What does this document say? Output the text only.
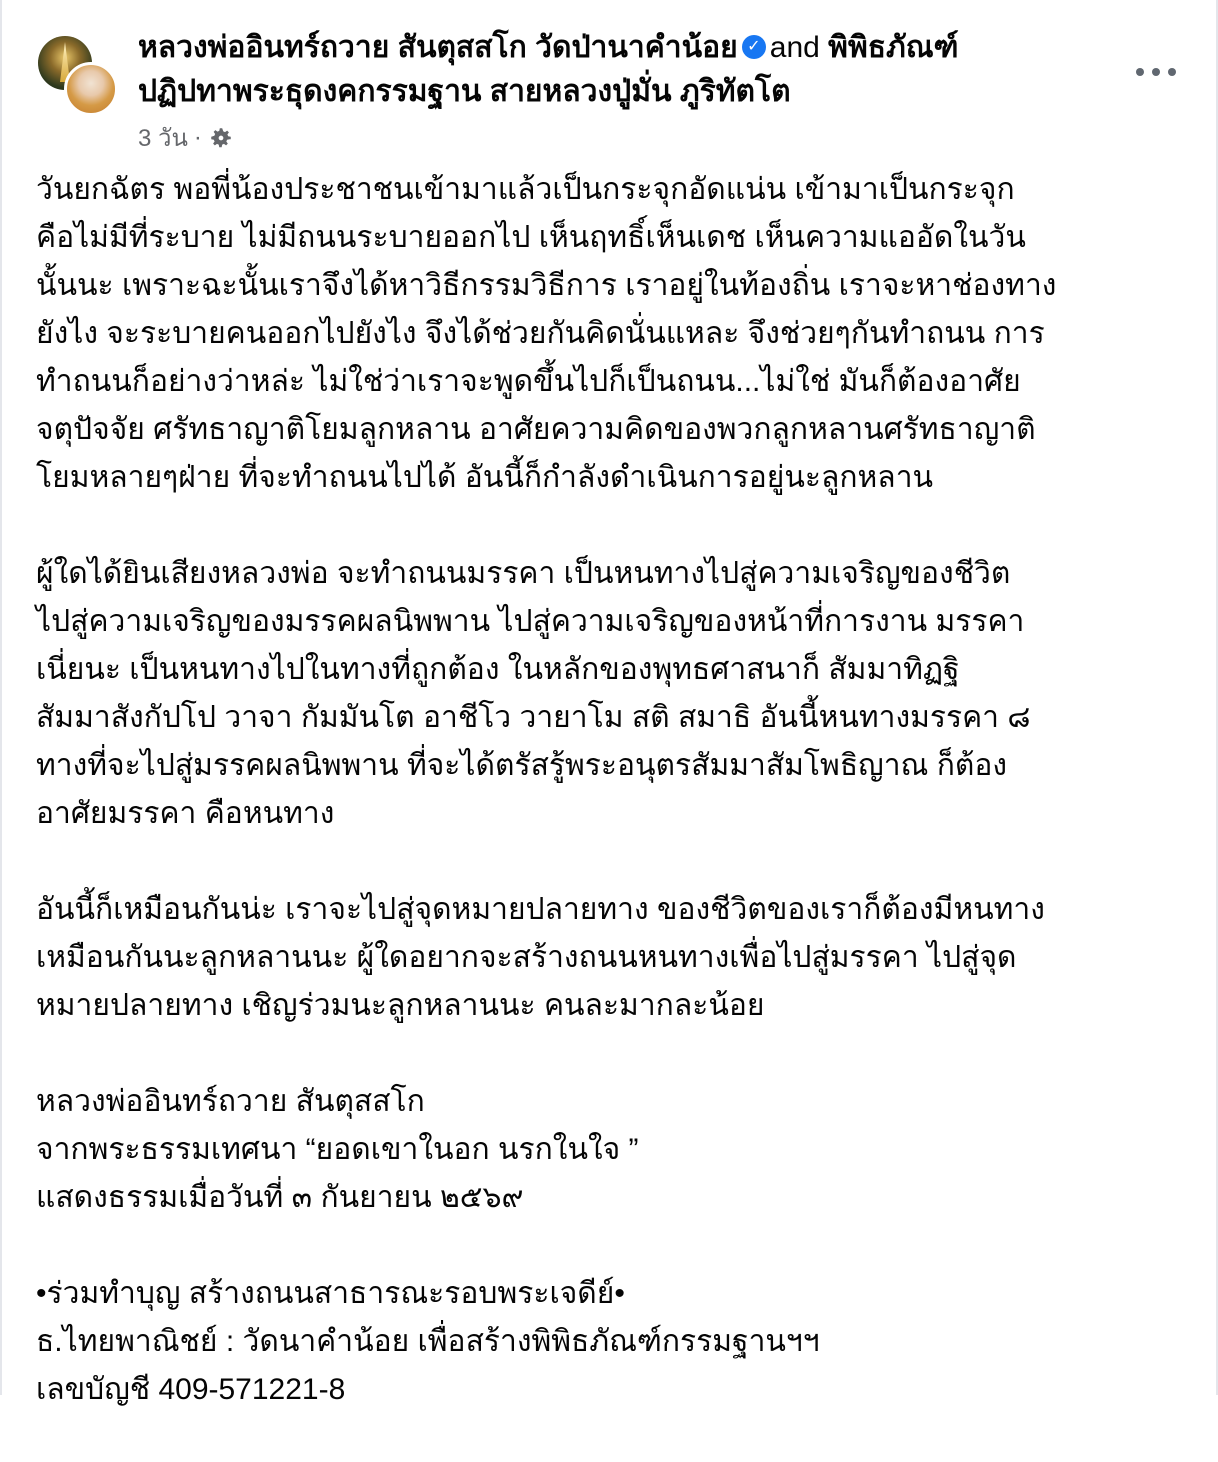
หลวงพ่ออินทร์ถวาย สันตุสสโก วัดป่านาคำน้อย ✓ and พิพิธภัณฑ์
ปฏิปทาพระธุดงคกรรมฐาน สายหลวงปู่มั่น ภูริทัตโต
3 วัน ·

วันยกฉัตร พอพี่น้องประชาชนเข้ามาแล้วเป็นกระจุกอัดแน่น เข้ามาเป็นกระจุก
คือไม่มีที่ระบาย ไม่มีถนนระบายออกไป เห็นฤทธิ์เห็นเดช เห็นความแออัดในวัน
นั้นนะ เพราะฉะนั้นเราจึงได้หาวิธีกรรมวิธีการ เราอยู่ในท้องถิ่น เราจะหาช่องทาง
ยังไง จะระบายคนออกไปยังไง จึงได้ช่วยกันคิดนั่นแหละ จึงช่วยๆกันทำถนน การ
ทำถนนก็อย่างว่าหล่ะ ไม่ใช่ว่าเราจะพูดขึ้นไปก็เป็นถนน...ไม่ใช่ มันก็ต้องอาศัย
จตุปัจจัย ศรัทธาญาติโยมลูกหลาน อาศัยความคิดของพวกลูกหลานศรัทธาญาติ
โยมหลายๆฝ่าย ที่จะทำถนนไปได้ อันนี้ก็กำลังดำเนินการอยู่นะลูกหลาน

ผู้ใดได้ยินเสียงหลวงพ่อ จะทำถนนมรรคา เป็นหนทางไปสู่ความเจริญของชีวิต
ไปสู่ความเจริญของมรรคผลนิพพาน ไปสู่ความเจริญของหน้าที่การงาน มรรคา
เนี่ยนะ เป็นหนทางไปในทางที่ถูกต้อง ในหลักของพุทธศาสนาก็ สัมมาทิฏฐิ
สัมมาสังกัปโป วาจา กัมมันโต อาชีโว วายาโม สติ สมาธิ อันนี้หนทางมรรคา ๘
ทางที่จะไปสู่มรรคผลนิพพาน ที่จะได้ตรัสรู้พระอนุตรสัมมาสัมโพธิญาณ ก็ต้อง
อาศัยมรรคา คือหนทาง

อันนี้ก็เหมือนกันน่ะ เราจะไปสู่จุดหมายปลายทาง ของชีวิตของเราก็ต้องมีหนทาง
เหมือนกันนะลูกหลานนะ ผู้ใดอยากจะสร้างถนนหนทางเพื่อไปสู่มรรคา ไปสู่จุด
หมายปลายทาง เชิญร่วมนะลูกหลานนะ คนละมากละน้อย

หลวงพ่ออินทร์ถวาย สันตุสสโก
จากพระธรรมเทศนา “ยอดเขาในอก นรกในใจ ”
แสดงธรรมเมื่อวันที่ ๓ กันยายน ๒๕๖๙

•ร่วมทำบุญ สร้างถนนสาธารณะรอบพระเจดีย์•
ธ.ไทยพาณิชย์ : วัดนาคำน้อย เพื่อสร้างพิพิธภัณฑ์กรรมฐานฯฯ
เลขบัญชี 409-571221-8
